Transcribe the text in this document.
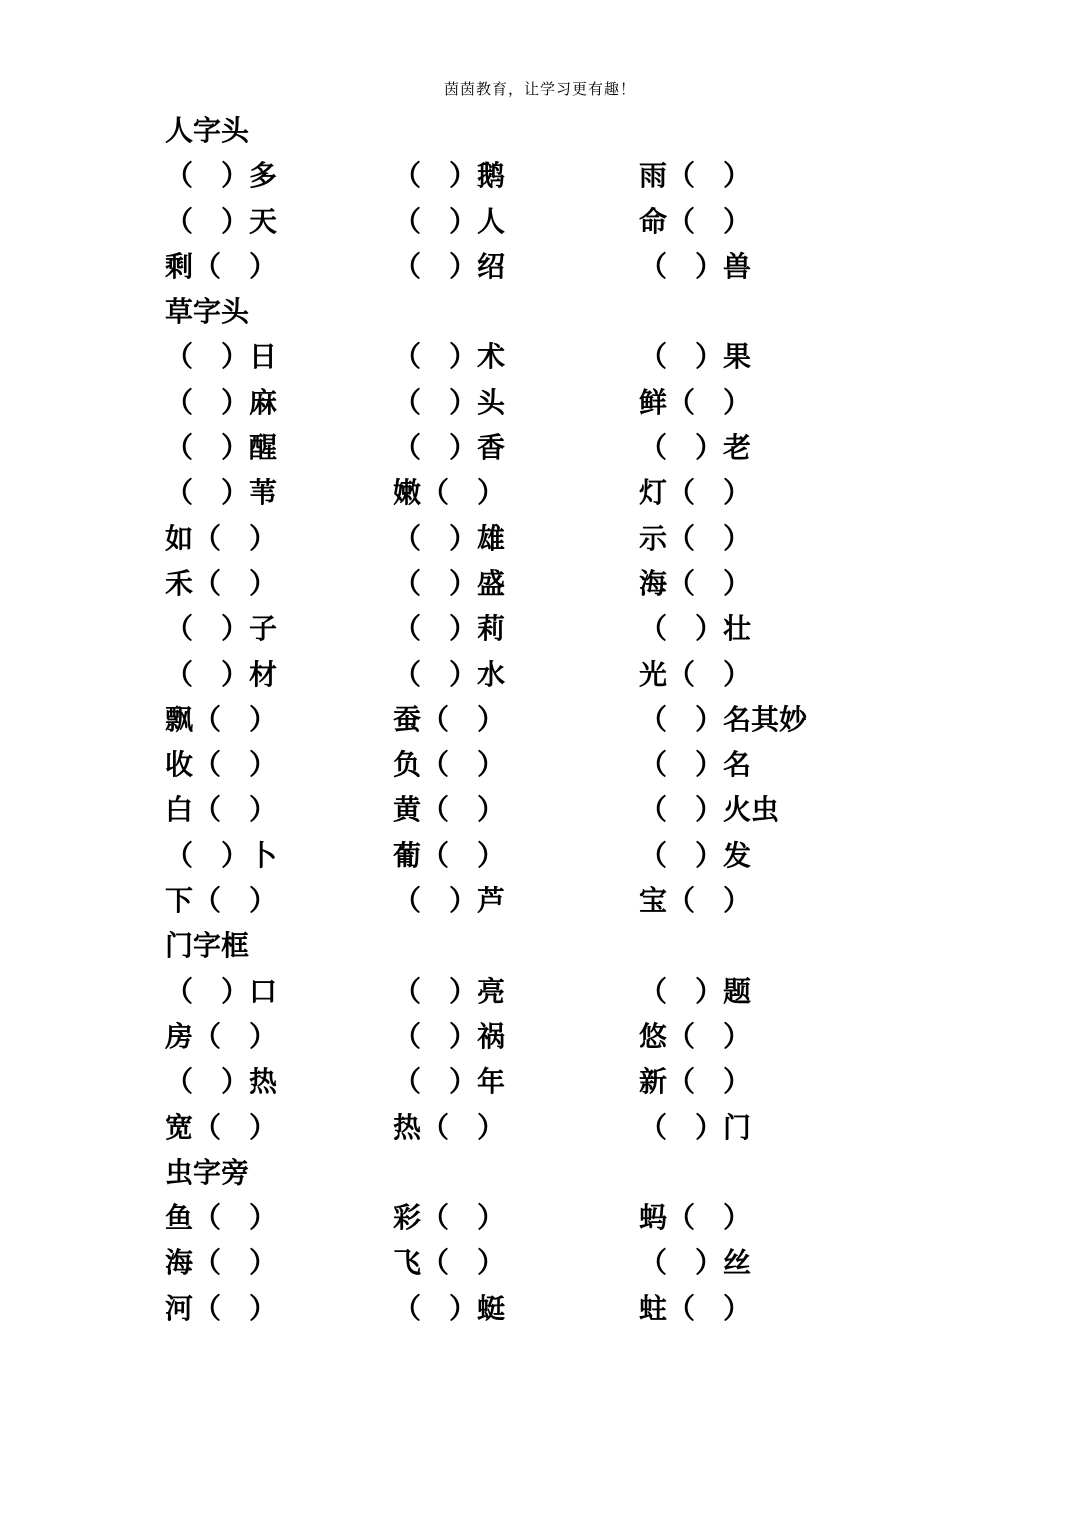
茵茵教育，让学习更有趣！
人字头
（　）多	（　）鹅	雨（　）
（　）天	（　）人	命（　）
剩（　）	（　）绍	（　）兽
草字头
（　）日	（　）术	（　）果
（　）麻	（　）头	鲜（　）
（　）醒	（　）香	（　）老
（　）苇	嫩（　）	灯（　）
如（　）	（　）雄	示（　）
禾（　）	（　）盛	海（　）
（　）子	（　）莉	（　）壮
（　）材	（　）水	光（　）
飘（　）	蚕（　）	（　）名其妙
收（　）	负（　）	（　）名
白（　）	黄（　）	（　）火虫
（　）卜	葡（　）	（　）发
下（　）	（　）芦	宝（　）
门字框
（　）口	（　）亮	（　）题
房（　）	（　）祸	悠（　）
（　）热	（　）年	新（　）
宽（　）	热（　）	（　）门
虫字旁
鱼（　）	彩（　）	蚂（　）
海（　）	飞（　）	（　）丝
河（　）	（　）蜓	蛀（　）
